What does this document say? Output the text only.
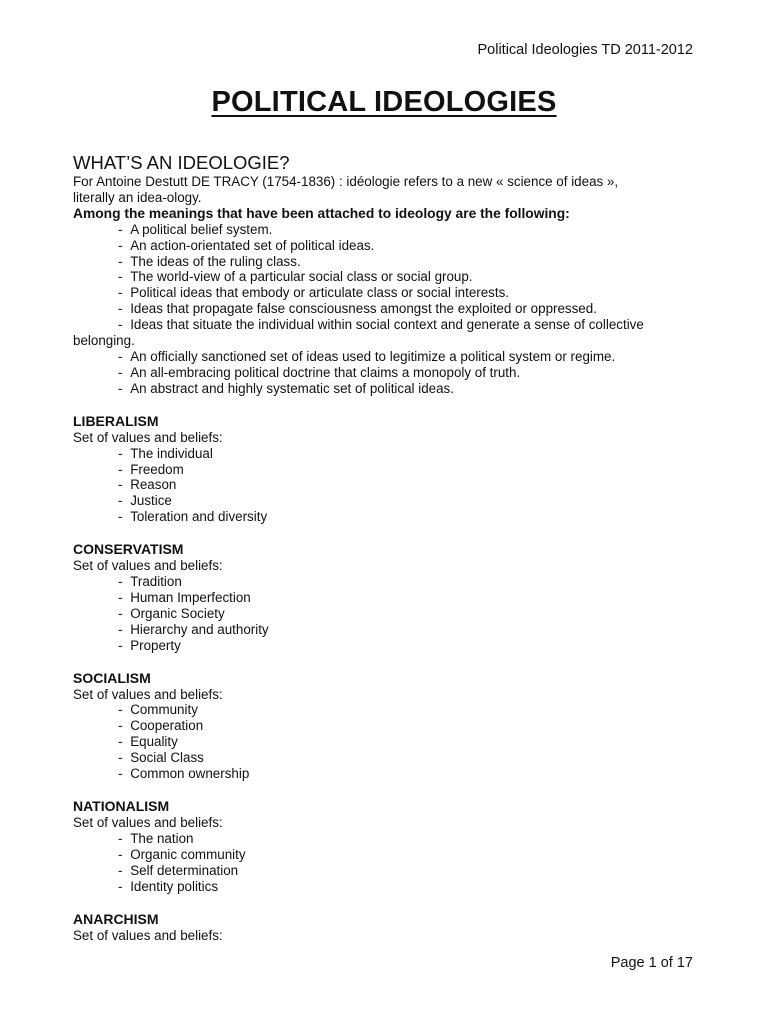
Political Ideologies TD 2011-2012
POLITICAL IDEOLOGIES
WHAT’S AN IDEOLOGIE?

For Antoine Destutt DE TRACY (1754-1836) : idéologie refers to a new « science of ideas »,

literally an idea-ology.

Among the meanings that have been attached to ideology are the following:

- A political belief system.
- An action-orientated set of political ideas.
- The ideas of the ruling class.
- The world-view of a particular social class or social group.
- Political ideas that embody or articulate class or social interests.
- Ideas that propagate false consciousness amongst the exploited or oppressed.
- Ideas that situate the individual within social context and generate a sense of collective belonging.
- An officially sanctioned set of ideas used to legitimize a political system or regime.
- An all-embracing political doctrine that claims a monopoly of truth.
- An abstract and highly systematic set of political ideas.

LIBERALISM

Set of values and beliefs:

- The individual
- Freedom
- Reason
- Justice
- Toleration and diversity

CONSERVATISM

Set of values and beliefs:

- Tradition
- Human Imperfection
- Organic Society
- Hierarchy and authority
- Property

SOCIALISM

Set of values and beliefs:

- Community
- Cooperation
- Equality
- Social Class
- Common ownership

NATIONALISM

Set of values and beliefs:

- The nation
- Organic community
- Self determination
- Identity politics

ANARCHISM

Set of values and beliefs:

Page 1 of 17
